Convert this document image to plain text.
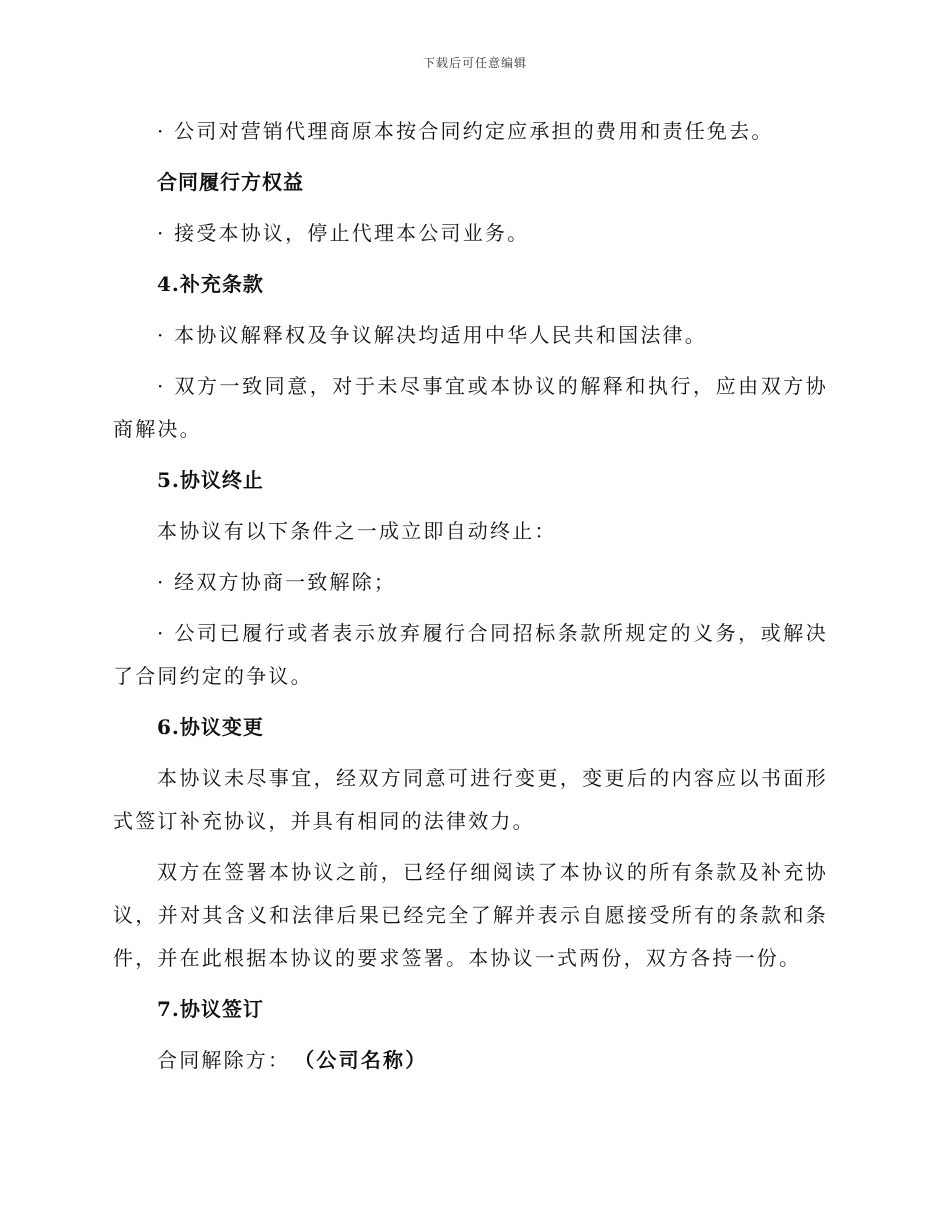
下载后可任意编辑

· 公司对营销代理商原本按合同约定应承担的费用和责任免去。

合同履行方权益

· 接受本协议，停止代理本公司业务。

4.补充条款

· 本协议解释权及争议解决均适用中华人民共和国法律。

· 双方一致同意，对于未尽事宜或本协议的解释和执行，应由双方协商解决。

5.协议终止

本协议有以下条件之一成立即自动终止：

· 经双方协商一致解除；

· 公司已履行或者表示放弃履行合同招标条款所规定的义务，或解决了合同约定的争议。

6.协议变更

本协议未尽事宜，经双方同意可进行变更，变更后的内容应以书面形式签订补充协议，并具有相同的法律效力。

双方在签署本协议之前，已经仔细阅读了本协议的所有条款及补充协议，并对其含义和法律后果已经完全了解并表示自愿接受所有的条款和条件，并在此根据本协议的要求签署。本协议一式两份，双方各持一份。

7.协议签订

合同解除方： （公司名称）
